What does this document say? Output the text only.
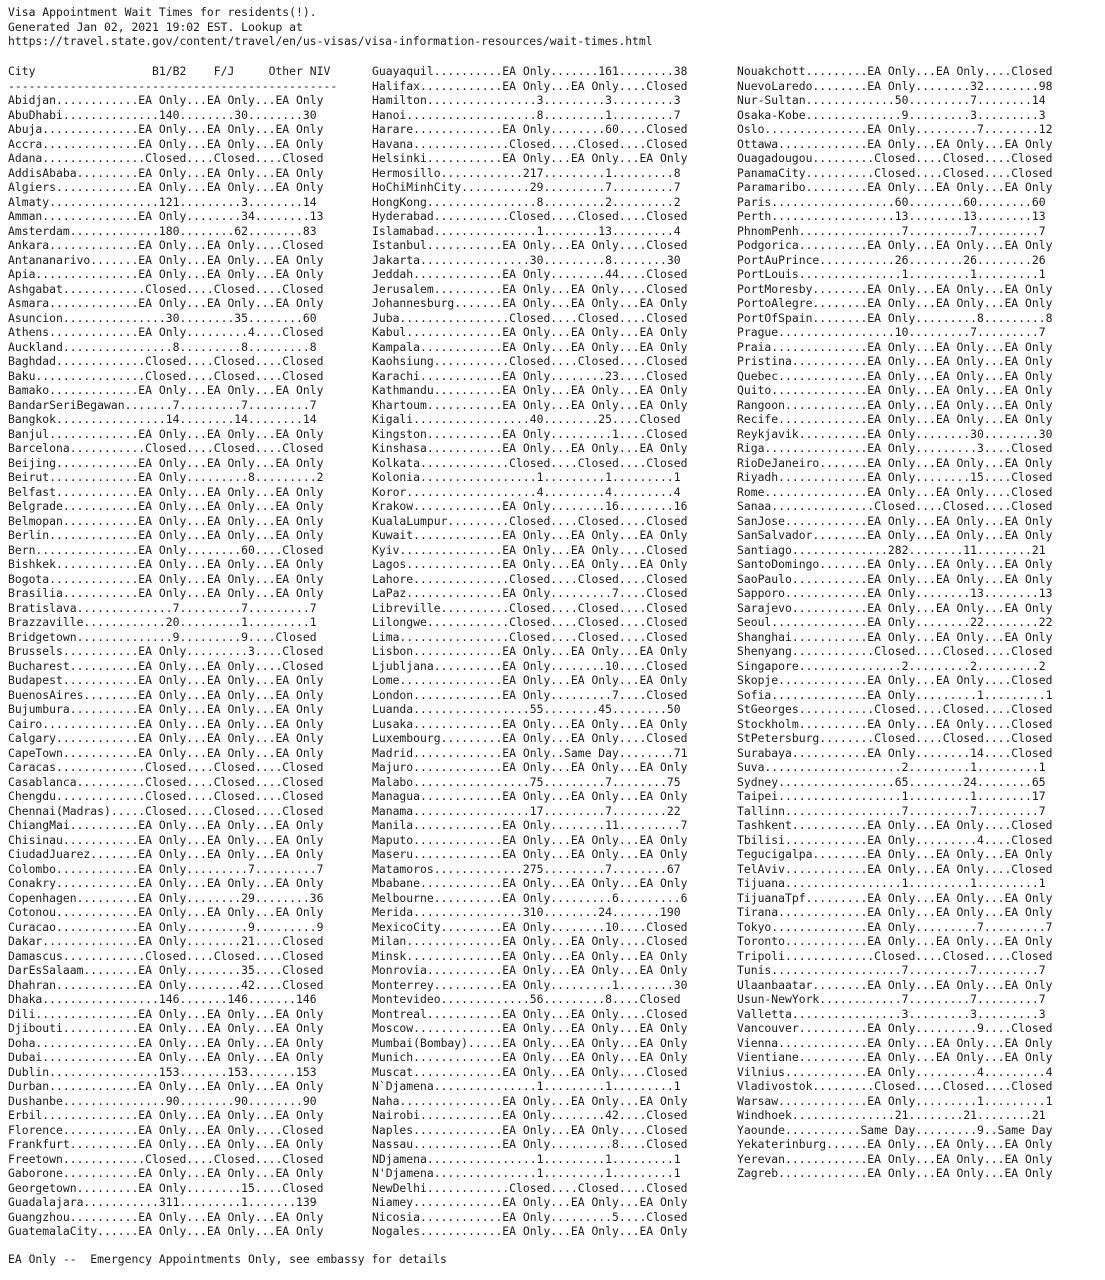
Visa Appointment Wait Times for residents(!).
Generated Jan 02, 2021 19:02 EST. Lookup at
https://travel.state.gov/content/travel/en/us-visas/visa-information-resources/wait-times.html
City                 B1/B2    F/J     Other NIV
------------------------------------------------
Abidjan............EA Only...EA Only...EA Only
AbuDhabi..............140........30........30
Abuja..............EA Only...EA Only...EA Only
Accra..............EA Only...EA Only...EA Only
Adana...............Closed....Closed....Closed
AddisAbaba.........EA Only...EA Only...EA Only
Algiers............EA Only...EA Only...EA Only
Almaty................121.........3........14
Amman..............EA Only........34........13
Amsterdam.............180........62........83
Ankara.............EA Only...EA Only....Closed
Antananarivo.......EA Only...EA Only...EA Only
Apia...............EA Only...EA Only...EA Only
Ashgabat............Closed....Closed....Closed
Asmara.............EA Only...EA Only...EA Only
Asuncion...............30........35........60
Athens.............EA Only.........4....Closed
Auckland................8.........8.........8
Baghdad.............Closed....Closed....Closed
Baku................Closed....Closed....Closed
Bamako.............EA Only...EA Only...EA Only
BandarSeriBegawan.......7.........7.........7
Bangkok................14........14........14
Banjul.............EA Only...EA Only...EA Only
Barcelona...........Closed....Closed....Closed
Beijing............EA Only...EA Only...EA Only
Beirut.............EA Only.........8.........2
Belfast............EA Only...EA Only...EA Only
Belgrade...........EA Only...EA Only...EA Only
Belmopan...........EA Only...EA Only...EA Only
Berlin.............EA Only...EA Only...EA Only
Bern...............EA Only........60....Closed
Bishkek............EA Only...EA Only...EA Only
Bogota.............EA Only...EA Only...EA Only
Brasilia...........EA Only...EA Only...EA Only
Bratislava..............7.........7.........7
Brazzaville............20.........1.........1
Bridgetown..............9.........9....Closed
Brussels...........EA Only.........3....Closed
Bucharest..........EA Only...EA Only....Closed
Budapest...........EA Only...EA Only...EA Only
BuenosAires........EA Only...EA Only...EA Only
Bujumbura..........EA Only...EA Only...EA Only
Cairo..............EA Only...EA Only...EA Only
Calgary............EA Only...EA Only...EA Only
CapeTown...........EA Only...EA Only...EA Only
Caracas.............Closed....Closed....Closed
Casablanca..........Closed....Closed....Closed
Chengdu.............Closed....Closed....Closed
Chennai(Madras).....Closed....Closed....Closed
ChiangMai..........EA Only...EA Only...EA Only
Chisinau...........EA Only...EA Only...EA Only
CiudadJuarez.......EA Only...EA Only...EA Only
Colombo............EA Only.........7.........7
Conakry............EA Only...EA Only...EA Only
Copenhagen.........EA Only........29........36
Cotonou............EA Only...EA Only...EA Only
Curacao............EA Only.........9.........9
Dakar..............EA Only........21....Closed
Damascus............Closed....Closed....Closed
DarEsSalaam........EA Only........35....Closed
Dhahran............EA Only........42....Closed
Dhaka.................146.......146.......146
Dili...............EA Only...EA Only...EA Only
Djibouti...........EA Only...EA Only...EA Only
Doha...............EA Only...EA Only...EA Only
Dubai..............EA Only...EA Only...EA Only
Dublin................153.......153.......153
Durban.............EA Only...EA Only...EA Only
Dushanbe...............90........90........90
Erbil..............EA Only...EA Only...EA Only
Florence...........EA Only...EA Only....Closed
Frankfurt..........EA Only...EA Only...EA Only
Freetown............Closed....Closed....Closed
Gaborone...........EA Only...EA Only...EA Only
Georgetown.........EA Only........15....Closed
Guadalajara...........311.........1.......139
Guangzhou..........EA Only...EA Only...EA Only
GuatemalaCity......EA Only...EA Only...EA Only
Guayaquil..........EA Only.......161........38
Halifax............EA Only...EA Only....Closed
Hamilton................3.........3.........3
Hanoi...................8.........1.........7
Harare.............EA Only........60....Closed
Havana..............Closed....Closed....Closed
Helsinki...........EA Only...EA Only...EA Only
Hermosillo............217.........1.........8
HoChiMinhCity..........29.........7.........7
HongKong................8.........2.........2
Hyderabad...........Closed....Closed....Closed
Islamabad...............1........13.........4
Istanbul...........EA Only...EA Only....Closed
Jakarta................30.........8........30
Jeddah.............EA Only........44....Closed
Jerusalem..........EA Only...EA Only....Closed
Johannesburg.......EA Only...EA Only...EA Only
Juba................Closed....Closed....Closed
Kabul..............EA Only...EA Only...EA Only
Kampala............EA Only...EA Only...EA Only
Kaohsiung...........Closed....Closed....Closed
Karachi............EA Only........23....Closed
Kathmandu..........EA Only...EA Only...EA Only
Khartoum...........EA Only...EA Only...EA Only
Kigali.................40........25....Closed
Kingston...........EA Only.........1....Closed
Kinshasa...........EA Only...EA Only...EA Only
Kolkata.............Closed....Closed....Closed
Kolonia.................1.........1.........1
Koror...................4.........4.........4
Krakow.............EA Only........16........16
KualaLumpur.........Closed....Closed....Closed
Kuwait.............EA Only...EA Only...EA Only
Kyiv...............EA Only...EA Only....Closed
Lagos..............EA Only...EA Only...EA Only
Lahore..............Closed....Closed....Closed
LaPaz..............EA Only.........7....Closed
Libreville..........Closed....Closed....Closed
Lilongwe............Closed....Closed....Closed
Lima................Closed....Closed....Closed
Lisbon.............EA Only...EA Only...EA Only
Ljubljana..........EA Only........10....Closed
Lome...............EA Only...EA Only...EA Only
London.............EA Only.........7....Closed
Luanda.................55........45........50
Lusaka.............EA Only...EA Only...EA Only
Luxembourg.........EA Only...EA Only....Closed
Madrid.............EA Only..Same Day........71
Majuro.............EA Only...EA Only...EA Only
Malabo.................75.........7........75
Managua............EA Only...EA Only...EA Only
Manama.................17.........7........22
Manila.............EA Only........11.........7
Maputo.............EA Only...EA Only...EA Only
Maseru.............EA Only...EA Only...EA Only
Matamoros.............275.........7........67
Mbabane............EA Only...EA Only...EA Only
Melbourne..........EA Only.........6.........6
Merida................310........24.......190
MexicoCity.........EA Only........10....Closed
Milan..............EA Only...EA Only....Closed
Minsk..............EA Only...EA Only...EA Only
Monrovia...........EA Only...EA Only...EA Only
Monterrey..........EA Only.........1........30
Montevideo.............56.........8....Closed
Montreal...........EA Only...EA Only....Closed
Moscow.............EA Only...EA Only...EA Only
Mumbai(Bombay).....EA Only...EA Only...EA Only
Munich.............EA Only...EA Only...EA Only
Muscat.............EA Only...EA Only....Closed
N`Djamena...............1.........1.........1
Naha...............EA Only...EA Only...EA Only
Nairobi............EA Only........42....Closed
Naples.............EA Only...EA Only....Closed
Nassau.............EA Only.........8....Closed
NDjamena................1.........1.........1
N'Djamena...............1.........1.........1
NewDelhi............Closed....Closed....Closed
Niamey.............EA Only...EA Only...EA Only
Nicosia............EA Only.........5....Closed
Nogales............EA Only...EA Only...EA Only
Nouakchott.........EA Only...EA Only....Closed
NuevoLaredo........EA Only........32........98
Nur-Sultan.............50.........7........14
Osaka-Kobe..............9.........3.........3
Oslo...............EA Only.........7........12
Ottawa.............EA Only...EA Only...EA Only
Ouagadougou.........Closed....Closed....Closed
PanamaCity..........Closed....Closed....Closed
Paramaribo.........EA Only...EA Only...EA Only
Paris..................60........60........60
Perth..................13........13........13
PhnomPenh...............7.........7.........7
Podgorica..........EA Only...EA Only...EA Only
PortAuPrince...........26........26........26
PortLouis...............1.........1.........1
PortMoresby........EA Only...EA Only...EA Only
PortoAlegre........EA Only...EA Only...EA Only
PortOfSpain........EA Only.........8.........8
Prague.................10.........7.........7
Praia..............EA Only...EA Only...EA Only
Pristina...........EA Only...EA Only...EA Only
Quebec.............EA Only...EA Only...EA Only
Quito..............EA Only...EA Only...EA Only
Rangoon............EA Only...EA Only...EA Only
Recife.............EA Only...EA Only...EA Only
Reykjavik..........EA Only........30........30
Riga...............EA Only.........3....Closed
RioDeJaneiro.......EA Only...EA Only...EA Only
Riyadh.............EA Only........15....Closed
Rome...............EA Only...EA Only....Closed
Sanaa...............Closed....Closed....Closed
SanJose............EA Only...EA Only...EA Only
SanSalvador........EA Only...EA Only...EA Only
Santiago..............282........11........21
SantoDomingo.......EA Only...EA Only...EA Only
SaoPaulo...........EA Only...EA Only...EA Only
Sapporo............EA Only........13........13
Sarajevo...........EA Only...EA Only...EA Only
Seoul..............EA Only........22........22
Shanghai...........EA Only...EA Only...EA Only
Shenyang............Closed....Closed....Closed
Singapore...............2.........2.........2
Skopje.............EA Only...EA Only....Closed
Sofia..............EA Only.........1.........1
StGeorges...........Closed....Closed....Closed
Stockholm..........EA Only...EA Only....Closed
StPetersburg........Closed....Closed....Closed
Surabaya...........EA Only........14....Closed
Suva....................2.........1.........1
Sydney.................65........24........65
Taipei..................1.........1........17
Tallinn.................7.........7.........7
Tashkent...........EA Only...EA Only....Closed
Tbilisi............EA Only.........4....Closed
Tegucigalpa........EA Only...EA Only...EA Only
TelAviv............EA Only...EA Only....Closed
Tijuana.................1.........1.........1
TijuanaTpf.........EA Only...EA Only...EA Only
Tirana.............EA Only...EA Only...EA Only
Tokyo..............EA Only.........7.........7
Toronto............EA Only...EA Only...EA Only
Tripoli.............Closed....Closed....Closed
Tunis...................7.........7.........7
Ulaanbaatar........EA Only...EA Only...EA Only
Usun-NewYork............7.........7.........7
Valletta................3.........3.........3
Vancouver..........EA Only.........9....Closed
Vienna.............EA Only...EA Only...EA Only
Vientiane..........EA Only...EA Only...EA Only
Vilnius............EA Only.........4.........4
Vladivostok.........Closed....Closed....Closed
Warsaw.............EA Only.........1.........1
Windhoek...............21........21........21
Yaounde...........Same Day.........9..Same Day
Yekaterinburg......EA Only...EA Only...EA Only
Yerevan............EA Only...EA Only...EA Only
Zagreb.............EA Only...EA Only...EA Only
EA Only --  Emergency Appointments Only, see embassy for details
